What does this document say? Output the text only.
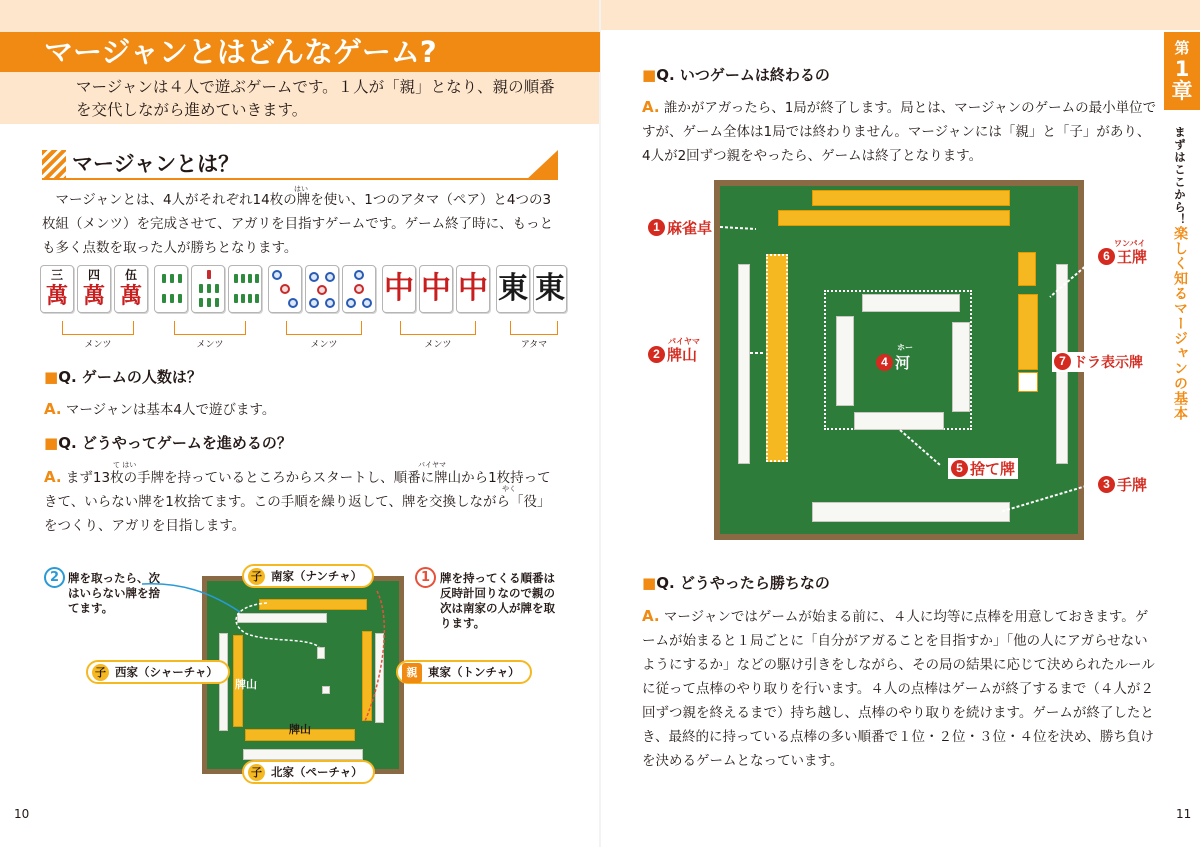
マージャンとはどんなゲーム?
マージャンは４人で遊ぶゲームです。１人が「親」となり、親の順番を交代しながら進めていきます。
マージャンとは？
はい
マージャンとは、4人がそれぞれ14枚の牌を使い、1つのアタマ（ペア）と4つの3枚組（メンツ）を完成させて、アガリを目指すゲームです。ゲーム終了時に、もっとも多く点数を取った人が勝ちとなります。
三
萬
四
萬
伍
萬	中 中 中 東 東
メンツ	メンツ	メンツ	メンツ	アタマ
■Q. ゲームの人数は？
A. マージャンは基本4人で遊びます。
■Q. どうやってゲームを進めるの？
て はい	パイヤマ
やく
A. まず13枚の手牌を持っているところからスタートし、順番に牌山から1枚持ってきて、いらない牌を1枚捨てます。この手順を繰り返して、牌を交換しながら「役」をつくり、アガリを目指します。
牌山
牌山
子 南家（ナンチャ）
子 西家（シャーチャ）	親 東家（トンチャ）
子 北家（ペーチャ）
2 牌を取ったら、次はいらない牌を捨てます。
1 牌を持ってくる順番は反時計回りなので親の次は南家の人が牌を取ります。
10
■Q. いつゲームは終わるの
A. 誰かがアガったら、1局が終了します。局とは、マージャンのゲームの最小単位ですが、ゲーム全体は1局では終わりません。マージャンには「親」と「子」があり、4人が2回ずつ親をやったら、ゲームは終了となります。
1 麻雀卓
パイヤマ
2 牌山
3 手牌
ホー
4 河
5 捨て牌
ワンパイ
6 王牌
7 ドラ表示牌
■Q. どうやったら勝ちなの
A. マージャンではゲームが始まる前に、４人に均等に点棒を用意しておきます。ゲームが始まると１局ごとに「自分がアガることを目指すか」「他の人にアガらせないようにするか」などの駆け引きをしながら、その局の結果に応じて決められたルールに従って点棒のやり取りを行います。４人の点棒はゲームが終了するまで（４人が２回ずつ親を終えるまで）持ち越し、点棒のやり取りを続けます。ゲームが終了したとき、最終的に持っている点棒の多い順番で１位・２位・３位・４位を決め、勝ち負けを決めるゲームとなっています。
第
1
章
まずはここから！楽しく知るマージャンの基本
11
